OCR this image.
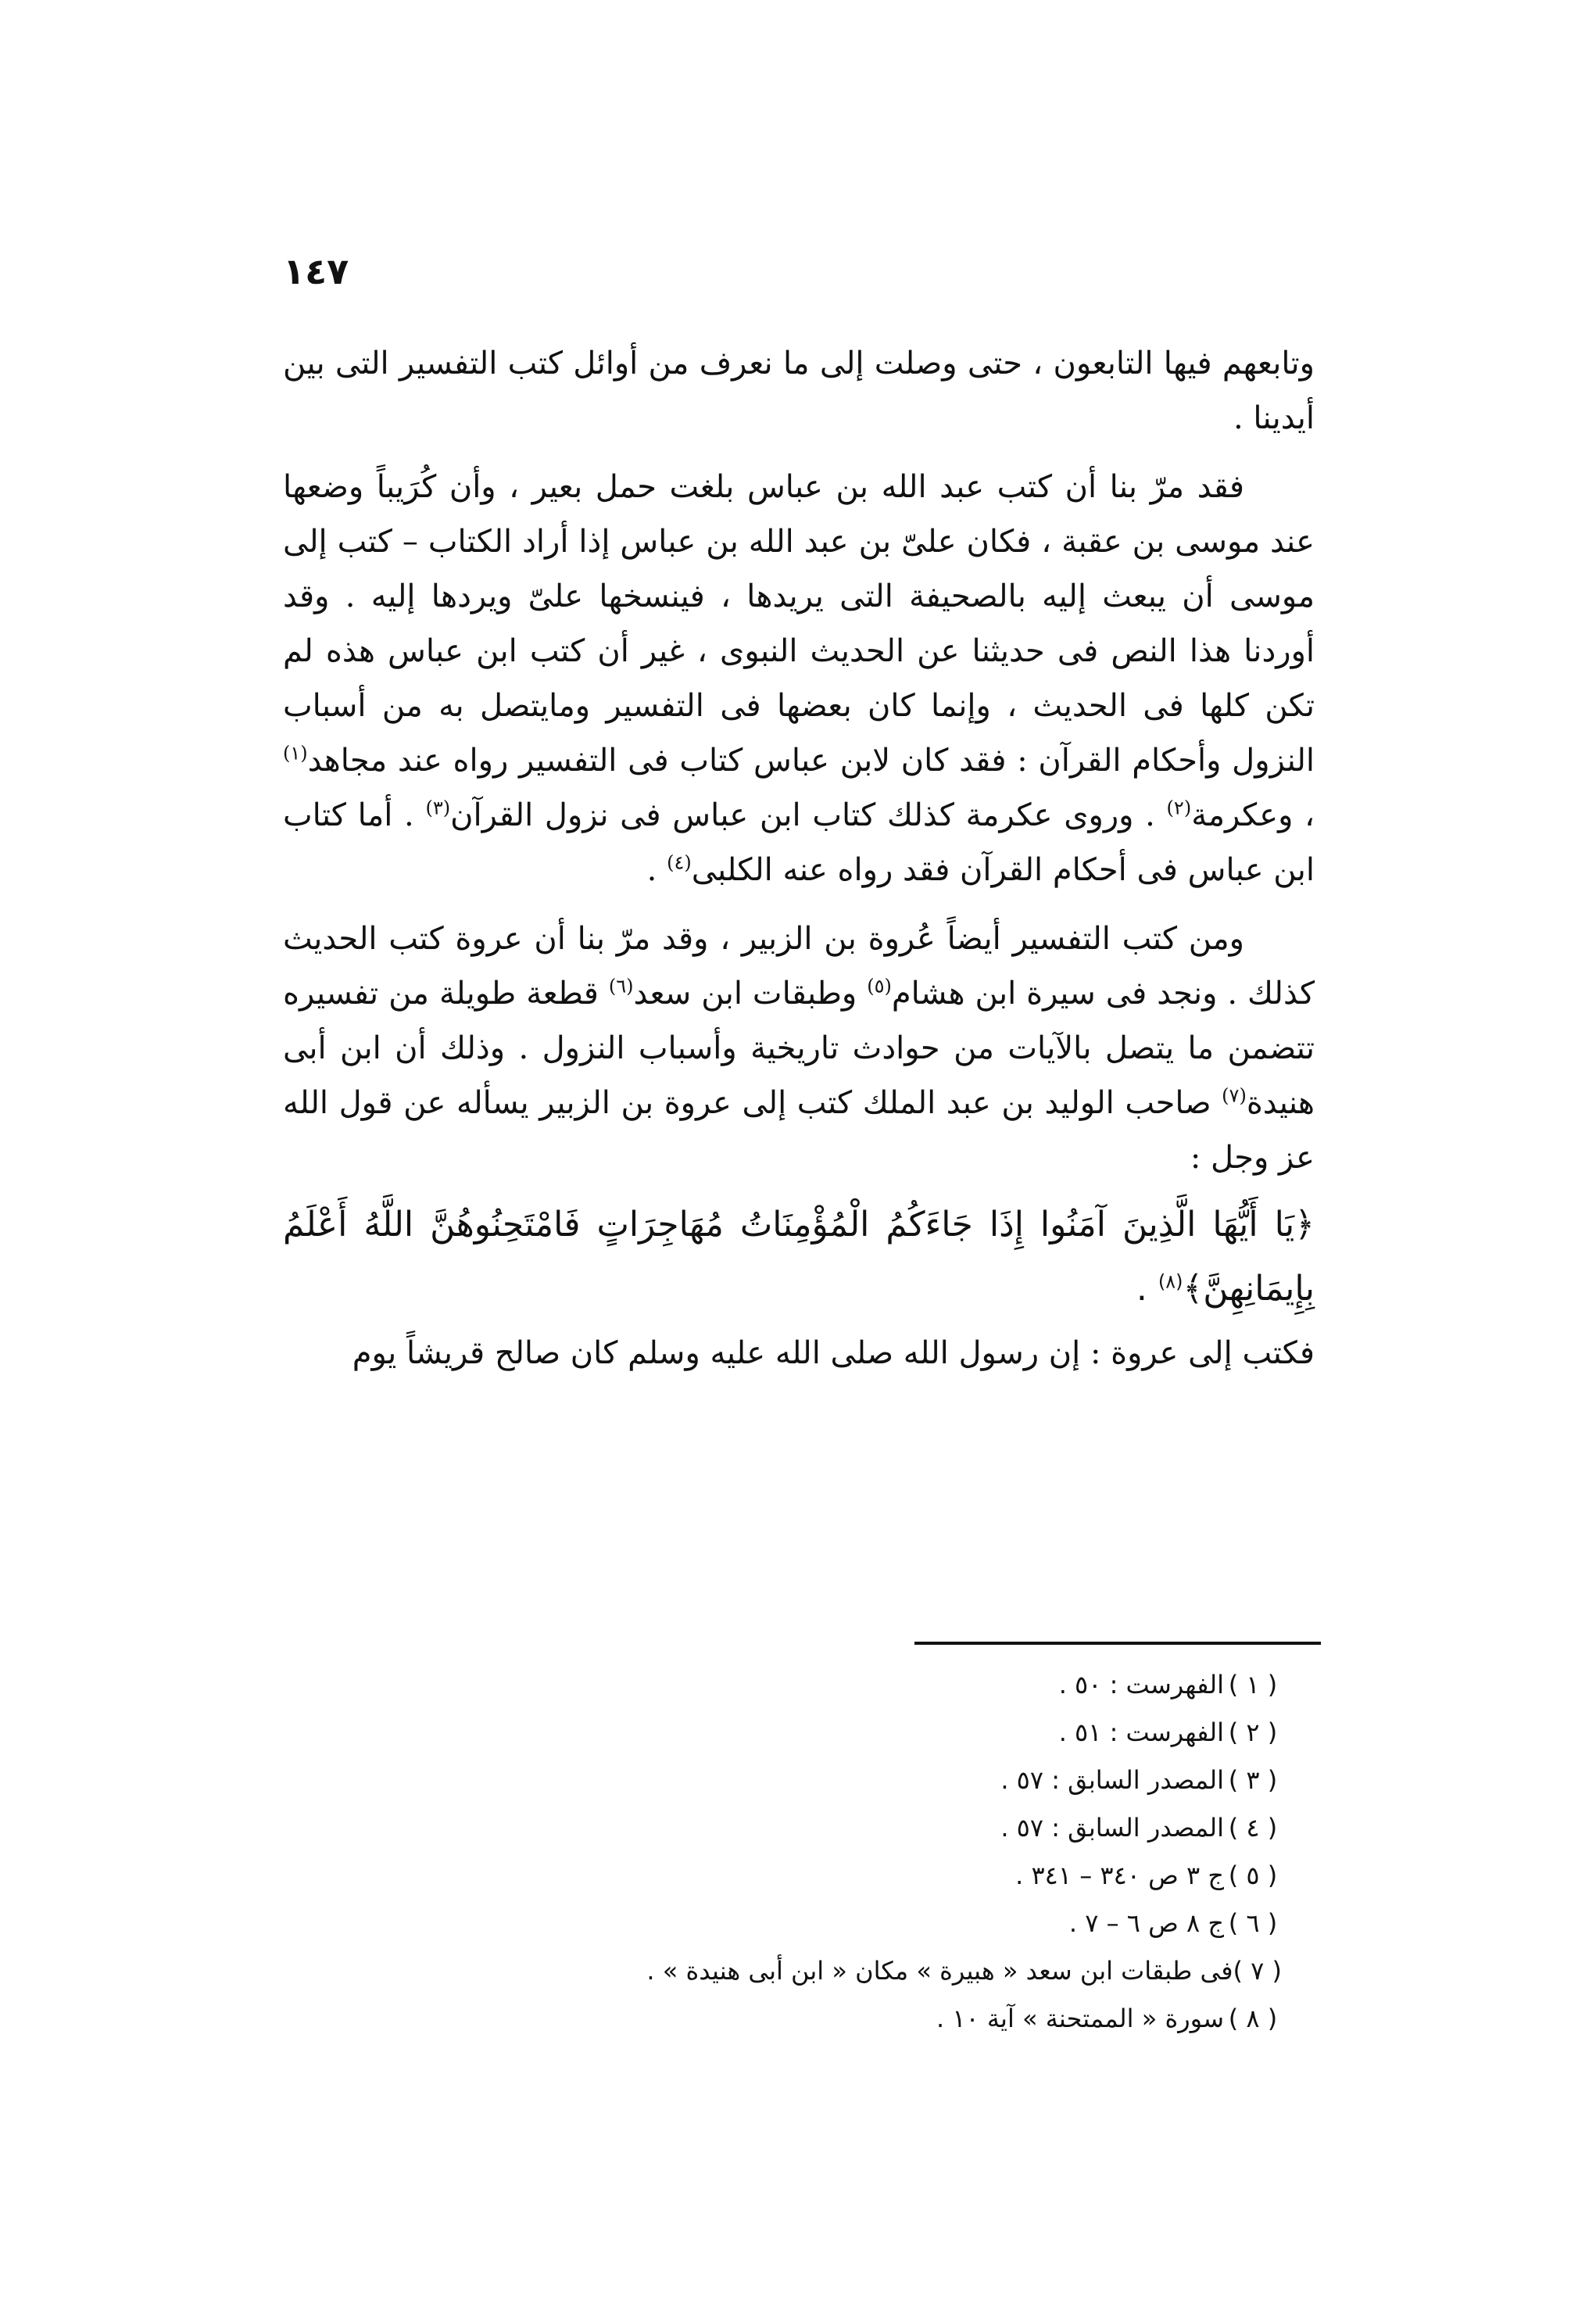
١٤٧

وتابعهم فيها التابعون ، حتى وصلت إلى ما نعرف من أوائل كتب التفسير التى بين أيدينا .

فقد مرّ بنا أن كتب عبد الله بن عباس بلغت حمل بعير ، وأن كُرَيباً وضعها عند موسى بن عقبة ، فكان علىّ بن عبد الله بن عباس إذا أراد الكتاب – كتب إلى موسى أن يبعث إليه بالصحيفة التى يريدها ، فينسخها علىّ ويردها إليه . وقد أوردنا هذا النص فى حديثنا عن الحديث النبوى ، غير أن كتب ابن عباس هذه لم تكن كلها فى الحديث ، وإنما كان بعضها فى التفسير ومايتصل به من أسباب النزول وأحكام القرآن : فقد كان لابن عباس كتاب فى التفسير رواه عند مجاهد$^{(١)}$ ، وعكرمة$^{(٢)}$ . وروى عكرمة كذلك كتاب ابن عباس فى نزول القرآن$^{(٣)}$ . أما كتاب ابن عباس فى أحكام القرآن فقد رواه عنه الكلبى$^{(٤)}$ .

ومن كتب التفسير أيضاً عُروة بن الزبير ، وقد مرّ بنا أن عروة كتب الحديث كذلك . ونجد فى سيرة ابن هشام$^{(٥)}$ وطبقات ابن سعد$^{(٦)}$ قطعة طويلة من تفسيره تتضمن ما يتصل بالآيات من حوادث تاريخية وأسباب النزول . وذلك أن ابن أبى هنيدة$^{(٧)}$ صاحب الوليد بن عبد الملك كتب إلى عروة بن الزبير يسأله عن قول الله عز وجل :

﴿يَا أَيُّهَا الَّذِينَ آمَنُوا إِذَا جَاءَكُمُ الْمُؤْمِنَاتُ مُهَاجِرَاتٍ فَامْتَحِنُوهُنَّ اللَّهُ أَعْلَمُ بِإِيمَانِهِنَّ﴾$^{(٨)}$ .

فكتب إلى عروة : إن رسول الله صلى الله عليه وسلم كان صالح قريشاً يوم

( ١ )
الفهرست : ٥٠ .
( ٢ )
الفهرست : ٥١ .
( ٣ )
المصدر السابق : ٥٧ .
( ٤ )
المصدر السابق : ٥٧ .
( ٥ )
ج ٣ ص ٣٤٠ – ٣٤١ .
( ٦ )
ج ٨ ص ٦ – ٧ .
( ٧ )
فى طبقات ابن سعد « هبيرة » مكان « ابن أبى هنيدة » .
( ٨ )
سورة « الممتحنة » آية ١٠ .
